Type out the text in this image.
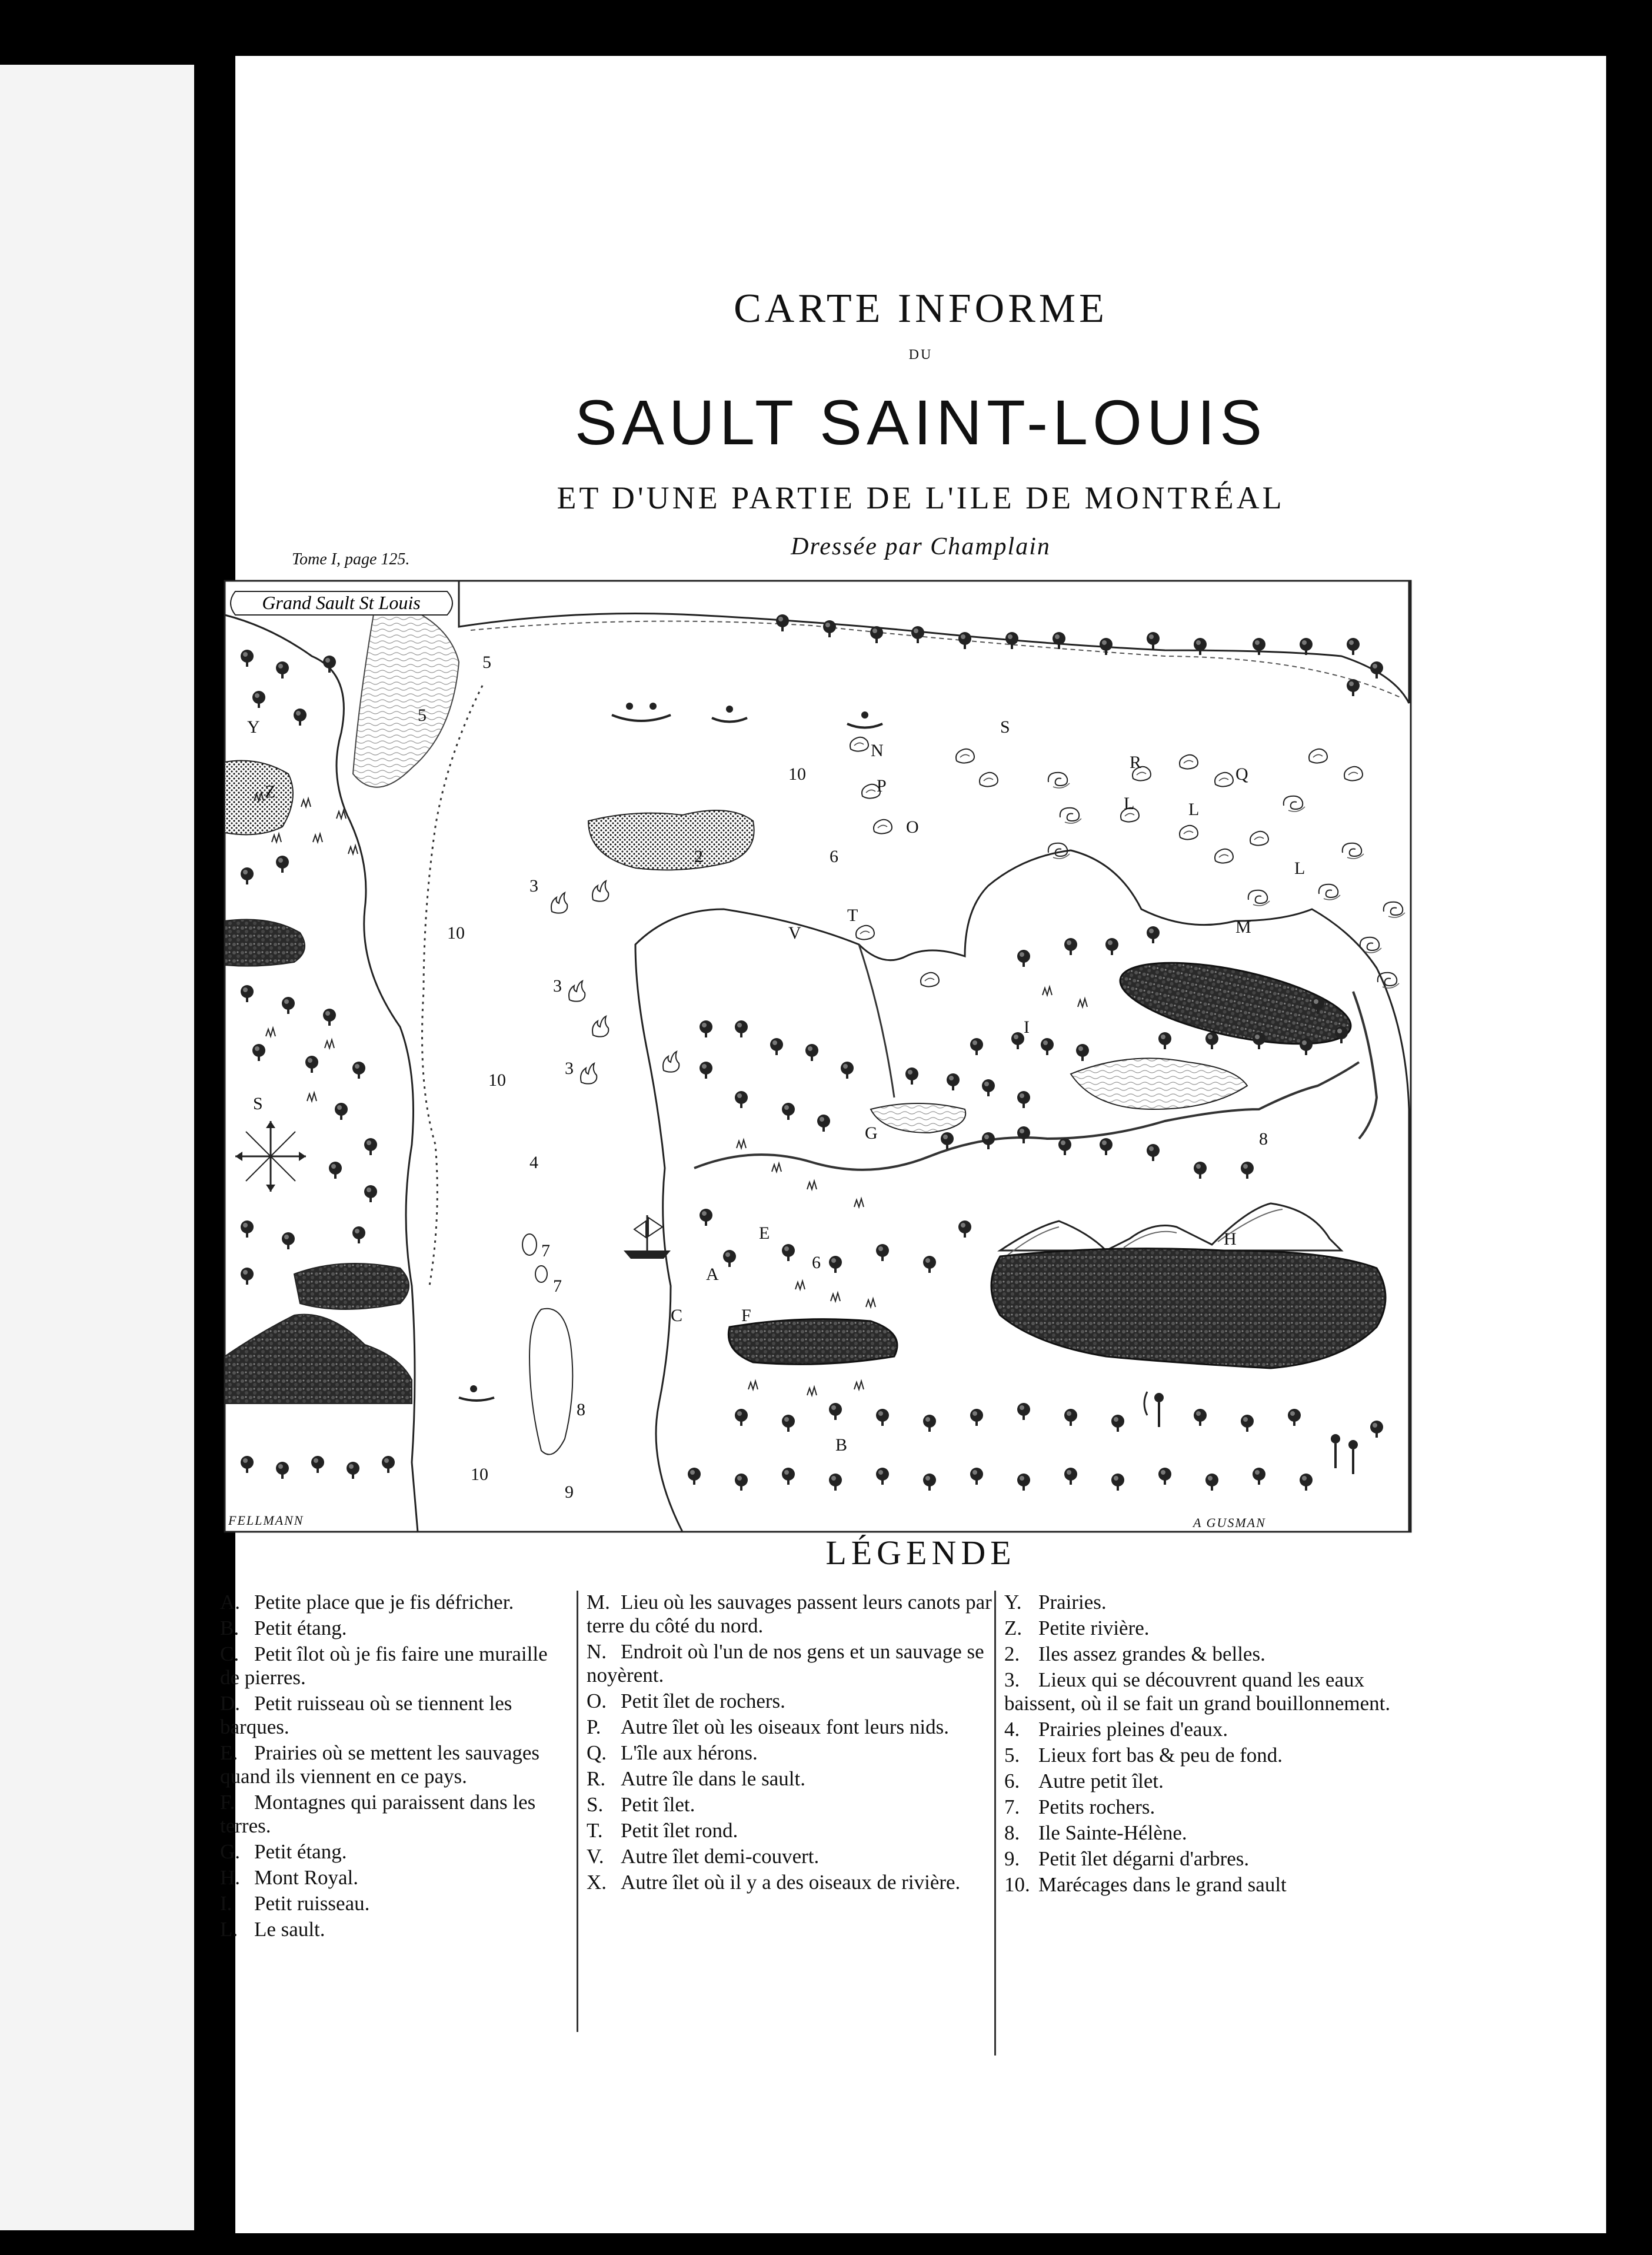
CARTE INFORME
DU
SAULT SAINT-LOUIS
ET D'UNE PARTIE DE L'ILE DE MONTRÉAL
Dressée par Champlain
Tome I, page 125.
Grand Sault St Louis
5
5
10
10
10
10
N
P
O
S
R
Q
L	L
L
M
2
3
3
3
6
6
4
T
V
I
G
H
E
A
C	F
B
8
8
7
7
9
Y
Z
S
FELLMANN	A GUSMAN
LÉGENDE
A. Petite place que je fis défricher.
B. Petit étang.
C. Petit îlot où je fis faire une muraille de pierres.
D. Petit ruisseau où se tiennent les barques.
E. Prairies où se mettent les sauvages quand ils viennent en ce pays.
F. Montagnes qui paraissent dans les terres.
G. Petit étang.
H. Mont Royal.
I. Petit ruisseau.
L. Le sault.
M. Lieu où les sauvages passent leurs canots par terre du côté du nord.
N. Endroit où l'un de nos gens et un sauvage se noyèrent.
O. Petit îlet de rochers.
P. Autre îlet où les oiseaux font leurs nids.
Q. L'île aux hérons.
R. Autre île dans le sault.
S. Petit îlet.
T. Petit îlet rond.
V. Autre îlet demi-couvert.
X. Autre îlet où il y a des oiseaux de rivière.
Y. Prairies.
Z. Petite rivière.
2. Iles assez grandes & belles.
3. Lieux qui se découvrent quand les eaux baissent, où il se fait un grand bouillonnement.
4. Prairies pleines d'eaux.
5. Lieux fort bas & peu de fond.
6. Autre petit îlet.
7. Petits rochers.
8. Ile Sainte-Hélène.
9. Petit îlet dégarni d'arbres.
10. Marécages dans le grand sault
